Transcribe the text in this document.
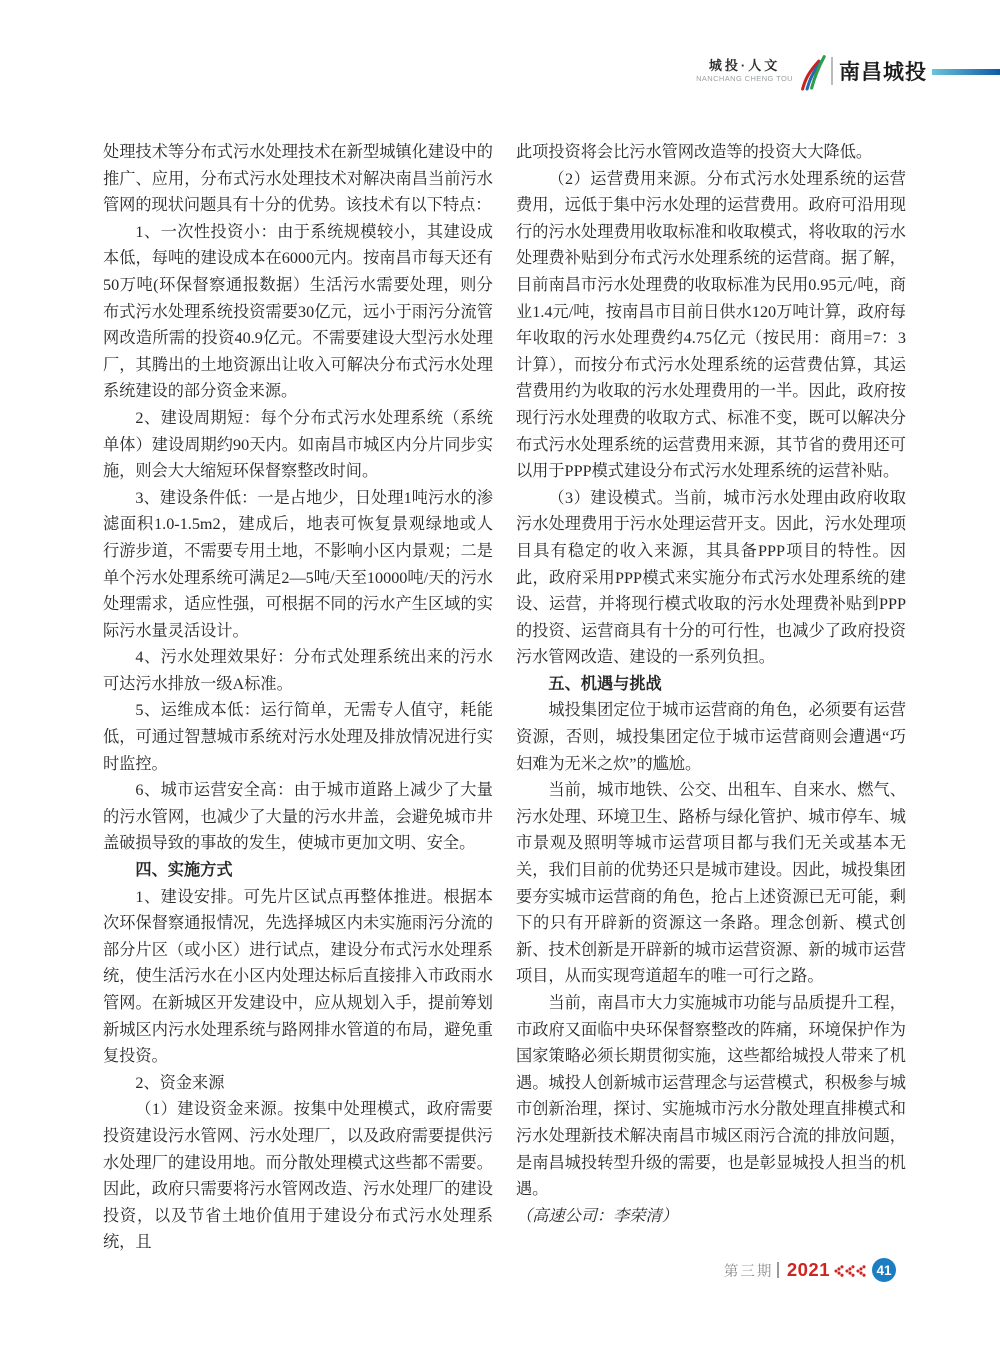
城投·人文
NANCHANG CHENG TOU 南昌城投

处理技术等分布式污水处理技术在新型城镇化建设中的推广、应用，分布式污水处理技术对解决南昌当前污水管网的现状问题具有十分的优势。该技术有以下特点：

1、一次性投资小：由于系统规模较小，其建设成本低，每吨的建设成本在6000元内。按南昌市每天还有50万吨(环保督察通报数据）生活污水需要处理，则分布式污水处理系统投资需要30亿元，远小于雨污分流管网改造所需的投资40.9亿元。不需要建设大型污水处理厂，其腾出的土地资源出让收入可解决分布式污水处理系统建设的部分资金来源。

2、建设周期短：每个分布式污水处理系统（系统单体）建设周期约90天内。如南昌市城区内分片同步实施，则会大大缩短环保督察整改时间。

3、建设条件低：一是占地少，日处理1吨污水的渗滤面积1.0-1.5m2，建成后，地表可恢复景观绿地或人行游步道，不需要专用土地，不影响小区内景观；二是单个污水处理系统可满足2—5吨/天至10000吨/天的污水处理需求，适应性强，可根据不同的污水产生区域的实际污水量灵活设计。

4、污水处理效果好：分布式处理系统出来的污水可达污水排放一级A标准。

5、运维成本低：运行简单，无需专人值守，耗能低，可通过智慧城市系统对污水处理及排放情况进行实时监控。

6、城市运营安全高：由于城市道路上减少了大量的污水管网，也减少了大量的污水井盖，会避免城市井盖破损导致的事故的发生，使城市更加文明、安全。

四、实施方式

1、建设安排。可先片区试点再整体推进。根据本次环保督察通报情况，先选择城区内未实施雨污分流的部分片区（或小区）进行试点，建设分布式污水处理系统，使生活污水在小区内处理达标后直接排入市政雨水管网。在新城区开发建设中，应从规划入手，提前筹划新城区内污水处理系统与路网排水管道的布局，避免重复投资。

2、资金来源

（1）建设资金来源。按集中处理模式，政府需要投资建设污水管网、污水处理厂，以及政府需要提供污水处理厂的建设用地。而分散处理模式这些都不需要。因此，政府只需要将污水管网改造、污水处理厂的建设投资，以及节省土地价值用于建设分布式污水处理系统，且

此项投资将会比污水管网改造等的投资大大降低。

（2）运营费用来源。分布式污水处理系统的运营费用，远低于集中污水处理的运营费用。政府可沿用现行的污水处理费用收取标准和收取模式，将收取的污水处理费补贴到分布式污水处理系统的运营商。据了解，目前南昌市污水处理费的收取标准为民用0.95元/吨，商业1.4元/吨，按南昌市目前日供水120万吨计算，政府每年收取的污水处理费约4.75亿元（按民用：商用=7：3计算），而按分布式污水处理系统的运营费估算，其运营费用约为收取的污水处理费用的一半。因此，政府按现行污水处理费的收取方式、标准不变，既可以解决分布式污水处理系统的运营费用来源，其节省的费用还可以用于PPP模式建设分布式污水处理系统的运营补贴。

（3）建设模式。当前，城市污水处理由政府收取污水处理费用于污水处理运营开支。因此，污水处理项目具有稳定的收入来源，其具备PPP项目的特性。因此，政府采用PPP模式来实施分布式污水处理系统的建设、运营，并将现行模式收取的污水处理费补贴到PPP的投资、运营商具有十分的可行性，也减少了政府投资污水管网改造、建设的一系列负担。

五、机遇与挑战

城投集团定位于城市运营商的角色，必须要有运营资源，否则，城投集团定位于城市运营商则会遭遇“巧妇难为无米之炊”的尴尬。

当前，城市地铁、公交、出租车、自来水、燃气、污水处理、环境卫生、路桥与绿化管护、城市停车、城市景观及照明等城市运营项目都与我们无关或基本无关，我们目前的优势还只是城市建设。因此，城投集团要夯实城市运营商的角色，抢占上述资源已无可能，剩下的只有开辟新的资源这一条路。理念创新、模式创新、技术创新是开辟新的城市运营资源、新的城市运营项目，从而实现弯道超车的唯一可行之路。

当前，南昌市大力实施城市功能与品质提升工程，市政府又面临中央环保督察整改的阵痛，环境保护作为国家策略必须长期贯彻实施，这些都给城投人带来了机遇。城投人创新城市运营理念与运营模式，积极参与城市创新治理，探讨、实施城市污水分散处理直排模式和污水处理新技术解决南昌市城区雨污合流的排放问题，是南昌城投转型升级的需要，也是彰显城投人担当的机遇。

（高速公司：李荣清）

第三期 2021	41
